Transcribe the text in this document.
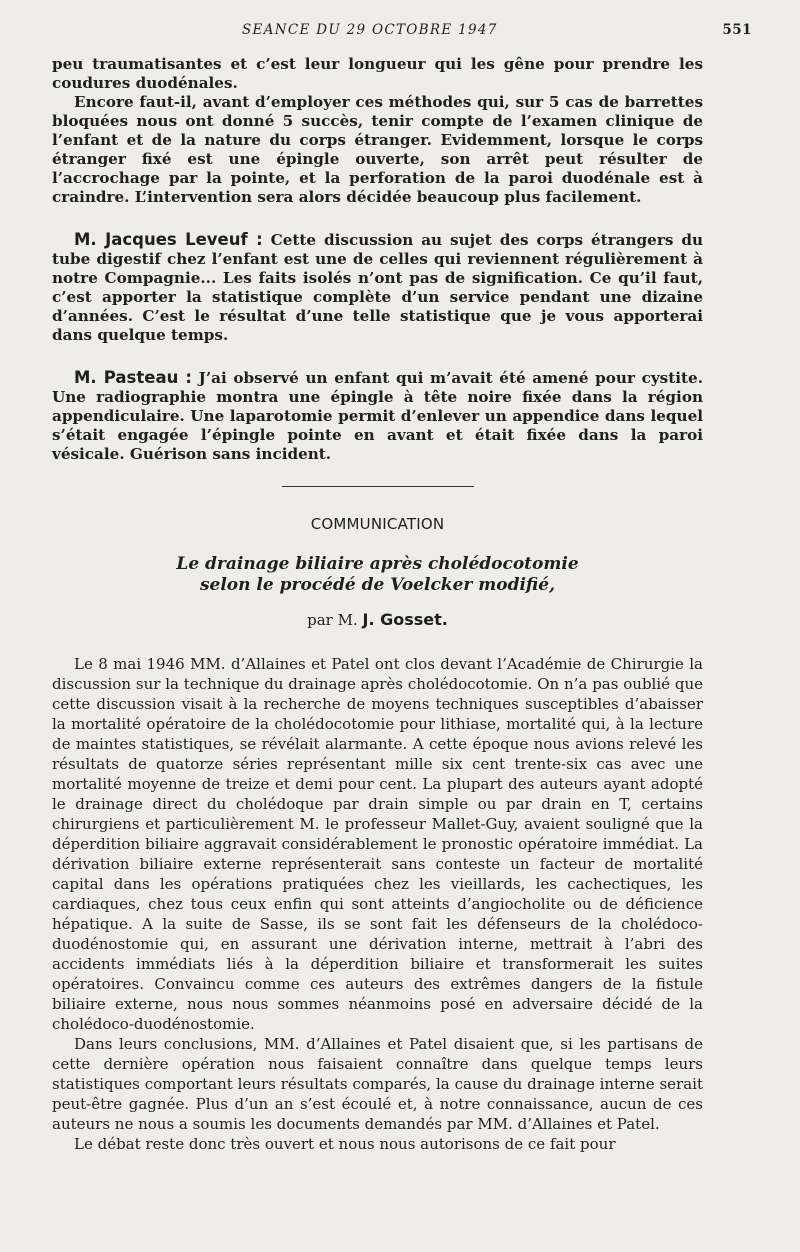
SEANCE DU 29 OCTOBRE 1947	551

peu traumatisantes et c’est leur longueur qui les gêne pour prendre les coudures duodénales.

Encore faut-il, avant d’employer ces méthodes qui, sur 5 cas de barrettes bloquées nous ont donné 5 succès, tenir compte de l’examen clinique de l’enfant et de la nature du corps étranger. Evidemment, lorsque le corps étranger fixé est une épingle ouverte, son arrêt peut résulter de l’accrochage par la pointe, et la perforation de la paroi duodénale est à craindre. L’intervention sera alors décidée beaucoup plus facilement.

M. Jacques Leveuf : Cette discussion au sujet des corps étrangers du tube digestif chez l’enfant est une de celles qui reviennent régulièrement à notre Compagnie... Les faits isolés n’ont pas de signification. Ce qu’il faut, c’est apporter la statistique complète d’un service pendant une dizaine d’années. C’est le résultat d’une telle statistique que je vous apporterai dans quelque temps.

M. Pasteau : J’ai observé un enfant qui m’avait été amené pour cystite. Une radiographie montra une épingle à tête noire fixée dans la région appendiculaire. Une laparotomie permit d’enlever un appendice dans lequel s’était engagée l’épingle pointe en avant et était fixée dans la paroi vésicale. Guérison sans incident.

COMMUNICATION
Le drainage biliaire après cholédocotomie
selon le procédé de Voelcker modifié,
par M. J. Gosset.

Le 8 mai 1946 MM. d’Allaines et Patel ont clos devant l’Académie de Chirurgie la discussion sur la technique du drainage après cholédocotomie. On n’a pas oublié que cette discussion visait à la recherche de moyens techniques susceptibles d’abaisser la mortalité opératoire de la cholédocotomie pour lithiase, mortalité qui, à la lecture de maintes statistiques, se révélait alarmante. A cette époque nous avions relevé les résultats de quatorze séries représentant mille six cent trente-six cas avec une mortalité moyenne de treize et demi pour cent. La plupart des auteurs ayant adopté le drainage direct du cholédoque par drain simple ou par drain en T, certains chirurgiens et particulièrement M. le professeur Mallet-Guy, avaient souligné que la déperdition biliaire aggravait considérablement le pronostic opératoire immédiat. La dérivation biliaire externe représenterait sans conteste un facteur de mortalité capital dans les opérations pratiquées chez les vieillards, les cachectiques, les cardiaques, chez tous ceux enfin qui sont atteints d’angiocholite ou de déficience hépatique. A la suite de Sasse, ils se sont fait les défenseurs de la cholédoco-duodénostomie qui, en assurant une dérivation interne, mettrait à l’abri des accidents immédiats liés à la déperdition biliaire et transformerait les suites opératoires. Convaincu comme ces auteurs des extrêmes dangers de la fistule biliaire externe, nous nous sommes néanmoins posé en adversaire décidé de la cholédoco-duodénostomie.

Dans leurs conclusions, MM. d’Allaines et Patel disaient que, si les partisans de cette dernière opération nous faisaient connaître dans quelque temps leurs statistiques comportant leurs résultats comparés, la cause du drainage interne serait peut-être gagnée. Plus d’un an s’est écoulé et, à notre connaissance, aucun de ces auteurs ne nous a soumis les documents demandés par MM. d’Allaines et Patel.

Le débat reste donc très ouvert et nous nous autorisons de ce fait pour
